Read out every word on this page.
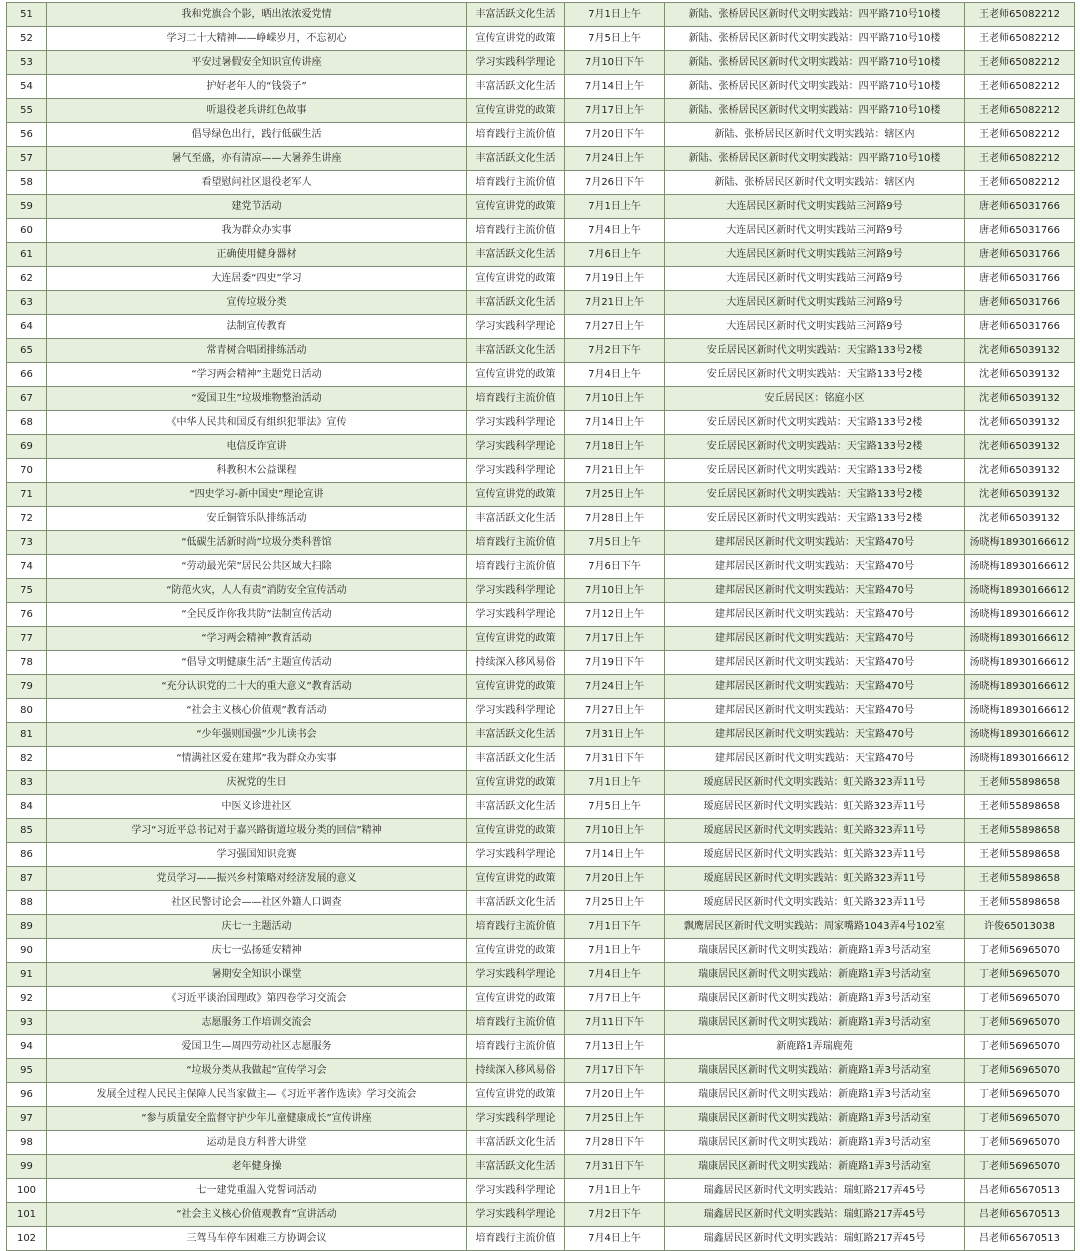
51	我和党旗合个影，晒出浓浓爱党情	丰富活跃文化生活	7月1日上午	新陆、张桥居民区新时代文明实践站：四平路710号10楼	王老师65082212
52	学习二十大精神——峥嵘岁月，不忘初心	宣传宣讲党的政策	7月5日上午	新陆、张桥居民区新时代文明实践站：四平路710号10楼	王老师65082212
53	平安过暑假安全知识宣传讲座	学习实践科学理论	7月10日下午	新陆、张桥居民区新时代文明实践站：四平路710号10楼	王老师65082212
54	护好老年人的“钱袋子”	丰富活跃文化生活	7月14日上午	新陆、张桥居民区新时代文明实践站：四平路710号10楼	王老师65082212
55	听退役老兵讲红色故事	宣传宣讲党的政策	7月17日上午	新陆、张桥居民区新时代文明实践站：四平路710号10楼	王老师65082212
56	倡导绿色出行，践行低碳生活	培育践行主流价值	7月20日下午	新陆、张桥居民区新时代文明实践站：辖区内	王老师65082212
57	暑气至盛，亦有清凉——大暑养生讲座	丰富活跃文化生活	7月24日上午	新陆、张桥居民区新时代文明实践站：四平路710号10楼	王老师65082212
58	看望慰问社区退役老军人	培育践行主流价值	7月26日下午	新陆、张桥居民区新时代文明实践站：辖区内	王老师65082212
59	建党节活动	宣传宣讲党的政策	7月1日上午	大连居民区新时代文明实践站三河路9号	唐老师65031766
60	我为群众办实事	培育践行主流价值	7月4日上午	大连居民区新时代文明实践站三河路9号	唐老师65031766
61	正确使用健身器材	丰富活跃文化生活	7月6日上午	大连居民区新时代文明实践站三河路9号	唐老师65031766
62	大连居委“四史”学习	宣传宣讲党的政策	7月19日上午	大连居民区新时代文明实践站三河路9号	唐老师65031766
63	宣传垃圾分类	丰富活跃文化生活	7月21日上午	大连居民区新时代文明实践站三河路9号	唐老师65031766
64	法制宣传教育	学习实践科学理论	7月27日上午	大连居民区新时代文明实践站三河路9号	唐老师65031766
65	常青树合唱团排练活动	丰富活跃文化生活	7月2日下午	安丘居民区新时代文明实践站：天宝路133号2楼	沈老师65039132
66	“学习两会精神”主题党日活动	宣传宣讲党的政策	7月4日上午	安丘居民区新时代文明实践站：天宝路133号2楼	沈老师65039132
67	“爱国卫生”垃圾堆物整治活动	培育践行主流价值	7月10日上午	安丘居民区：铭庭小区	沈老师65039132
68	《中华人民共和国反有组织犯罪法》宣传	学习实践科学理论	7月14日上午	安丘居民区新时代文明实践站：天宝路133号2楼	沈老师65039132
69	电信反诈宣讲	学习实践科学理论	7月18日上午	安丘居民区新时代文明实践站：天宝路133号2楼	沈老师65039132
70	科教积木公益课程	学习实践科学理论	7月21日上午	安丘居民区新时代文明实践站：天宝路133号2楼	沈老师65039132
71	“四史学习-新中国史”理论宣讲	宣传宣讲党的政策	7月25日上午	安丘居民区新时代文明实践站：天宝路133号2楼	沈老师65039132
72	安丘铜管乐队排练活动	丰富活跃文化生活	7月28日上午	安丘居民区新时代文明实践站：天宝路133号2楼	沈老师65039132
73	“低碳生活新时尚”垃圾分类科普馆	培育践行主流价值	7月5日上午	建邦居民区新时代文明实践站：天宝路470号	汤晓梅18930166612
74	“劳动最光荣”居民公共区域大扫除	培育践行主流价值	7月6日下午	建邦居民区新时代文明实践站：天宝路470号	汤晓梅18930166612
75	“防范火灾，人人有责”消防安全宣传活动	学习实践科学理论	7月10日上午	建邦居民区新时代文明实践站：天宝路470号	汤晓梅18930166612
76	“全民反诈你我共防”法制宣传活动	学习实践科学理论	7月12日上午	建邦居民区新时代文明实践站：天宝路470号	汤晓梅18930166612
77	“学习两会精神”教育活动	宣传宣讲党的政策	7月17日上午	建邦居民区新时代文明实践站：天宝路470号	汤晓梅18930166612
78	“倡导文明健康生活”主题宣传活动	持续深入移风易俗	7月19日下午	建邦居民区新时代文明实践站：天宝路470号	汤晓梅18930166612
79	“充分认识党的二十大的重大意义”教育活动	宣传宣讲党的政策	7月24日上午	建邦居民区新时代文明实践站：天宝路470号	汤晓梅18930166612
80	“社会主义核心价值观”教育活动	学习实践科学理论	7月27日上午	建邦居民区新时代文明实践站：天宝路470号	汤晓梅18930166612
81	“少年强则国强”少儿读书会	丰富活跃文化生活	7月31日上午	建邦居民区新时代文明实践站：天宝路470号	汤晓梅18930166612
82	“情满社区爱在建邦”我为群众办实事	丰富活跃文化生活	7月31日下午	建邦居民区新时代文明实践站：天宝路470号	汤晓梅18930166612
83	庆祝党的生日	宣传宣讲党的政策	7月1日上午	瑷庭居民区新时代文明实践站：虹关路323弄11号	王老师55898658
84	中医义诊进社区	丰富活跃文化生活	7月5日上午	瑷庭居民区新时代文明实践站：虹关路323弄11号	王老师55898658
85	学习“习近平总书记对于嘉兴路街道垃圾分类的回信”精神	宣传宣讲党的政策	7月10日上午	瑷庭居民区新时代文明实践站：虹关路323弄11号	王老师55898658
86	学习强国知识竞赛	学习实践科学理论	7月14日上午	瑷庭居民区新时代文明实践站：虹关路323弄11号	王老师55898658
87	党员学习——振兴乡村策略对经济发展的意义	宣传宣讲党的政策	7月20日上午	瑷庭居民区新时代文明实践站：虹关路323弄11号	王老师55898658
88	社区民警讨论会——社区外籍人口调查	丰富活跃文化生活	7月25日上午	瑷庭居民区新时代文明实践站：虹关路323弄11号	王老师55898658
89	庆七一主题活动	培育践行主流价值	7月1日下午	飘鹰居民区新时代文明实践站：周家嘴路1043弄4号102室	许俊65013038
90	庆七一弘扬延安精神	宣传宣讲党的政策	7月1日上午	瑞康居民区新时代文明实践站：新鹿路1弄3号活动室	丁老师56965070
91	暑期安全知识小课堂	学习实践科学理论	7月4日上午	瑞康居民区新时代文明实践站：新鹿路1弄3号活动室	丁老师56965070
92	《习近平谈治国理政》第四卷学习交流会	宣传宣讲党的政策	7月7日上午	瑞康居民区新时代文明实践站：新鹿路1弄3号活动室	丁老师56965070
93	志愿服务工作培训交流会	培育践行主流价值	7月11日下午	瑞康居民区新时代文明实践站：新鹿路1弄3号活动室	丁老师56965070
94	爱国卫生—周四劳动社区志愿服务	培育践行主流价值	7月13日上午	新鹿路1弄瑞鹿苑	丁老师56965070
95	“垃圾分类从我做起”宣传学习会	持续深入移风易俗	7月17日下午	瑞康居民区新时代文明实践站：新鹿路1弄3号活动室	丁老师56965070
96	发展全过程人民民主保障人民当家做主—《习近平著作选读》学习交流会	宣传宣讲党的政策	7月20日上午	瑞康居民区新时代文明实践站：新鹿路1弄3号活动室	丁老师56965070
97	“参与质量安全监督守护少年儿童健康成长”宣传讲座	学习实践科学理论	7月25日上午	瑞康居民区新时代文明实践站：新鹿路1弄3号活动室	丁老师56965070
98	运动是良方科普大讲堂	丰富活跃文化生活	7月28日下午	瑞康居民区新时代文明实践站：新鹿路1弄3号活动室	丁老师56965070
99	老年健身操	丰富活跃文化生活	7月31日下午	瑞康居民区新时代文明实践站：新鹿路1弄3号活动室	丁老师56965070
100	七一建党重温入党誓词活动	学习实践科学理论	7月1日上午	瑞鑫居民区新时代文明实践站：瑞虹路217弄45号	吕老师65670513
101	“社会主义核心价值观教育”宣讲活动	学习实践科学理论	7月2日下午	瑞鑫居民区新时代文明实践站：瑞虹路217弄45号	吕老师65670513
102	三驾马车停车困难三方协调会议	培育践行主流价值	7月4日上午	瑞鑫居民区新时代文明实践站：瑞虹路217弄45号	吕老师65670513
